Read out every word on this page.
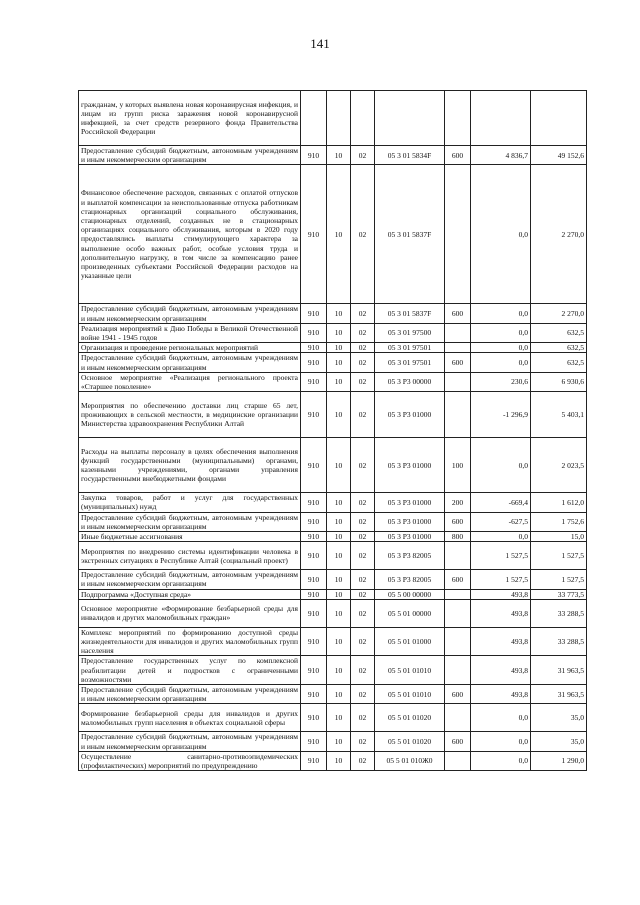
141
гражданам, у которых выявлена новая коронавирусная инфекция, и лицам из групп риска заражения новой коронавирусной инфекцией, за счет средств резервного фонда Правительства Российской Федерации							
Предоставление субсидий бюджетным, автономным учреждениям и иным некоммерческим организациям	910	10	02	05 3 01 5834F	600	4 836,7	49 152,6
Финансовое обеспечение расходов, связанных с оплатой отпусков и выплатой компенсации за неиспользованные отпуска работникам стационарных организаций социального обслуживания, стационарных отделений, созданных не в стационарных организациях социального обслуживания, которым в 2020 году предоставлялись выплаты стимулирующего характера за выполнение особо важных работ, особые условия труда и дополнительную нагрузку, в том числе за компенсацию ранее произведенных субъектами Российской Федерации расходов на указанные цели	910	10	02	05 3 01 5837F		0,0	2 270,0
Предоставление субсидий бюджетным, автономным учреждениям и иным некоммерческим организациям	910	10	02	05 3 01 5837F	600	0,0	2 270,0
Реализация мероприятий к Дню Победы в Великой Отечественной войне 1941 - 1945 годов	910	10	02	05 3 01 97500		0,0	632,5
Организация и проведение региональных мероприятий	910	10	02	05 3 01 97501		0,0	632,5
Предоставление субсидий бюджетным, автономным учреждениям и иным некоммерческим организациям	910	10	02	05 3 01 97501	600	0,0	632,5
Основное мероприятие «Реализация регионального проекта «Старшее поколение»	910	10	02	05 3 P3 00000		230,6	6 930,6
Мероприятия по обеспечению доставки лиц старше 65 лет, проживающих в сельской местности, в медицинские организации Министерства здравоохранения Республики Алтай	910	10	02	05 3 P3 01000		-1 296,9	5 403,1
Расходы на выплаты персоналу в целях обеспечения выполнения функций государственными (муниципальными) органами, казенными учреждениями, органами управления государственными внебюджетными фондами	910	10	02	05 3 P3 01000	100	0,0	2 023,5
Закупка товаров, работ и услуг для государственных (муниципальных) нужд	910	10	02	05 3 P3 01000	200	-669,4	1 612,0
Предоставление субсидий бюджетным, автономным учреждениям и иным некоммерческим организациям	910	10	02	05 3 P3 01000	600	-627,5	1 752,6
Иные бюджетные ассигнования	910	10	02	05 3 P3 01000	800	0,0	15,0
Мероприятия по внедрению системы идентификации человека в экстренных ситуациях в Республике Алтай (социальный проект)	910	10	02	05 3 P3 82005		1 527,5	1 527,5
Предоставление субсидий бюджетным, автономным учреждениям и иным некоммерческим организациям	910	10	02	05 3 P3 82005	600	1 527,5	1 527,5
Подпрограмма «Доступная среда»	910	10	02	05 5 00 00000		493,8	33 773,5
Основное мероприятие «Формирование безбарьерной среды для инвалидов и других маломобильных граждан»	910	10	02	05 5 01 00000		493,8	33 288,5
Комплекс мероприятий по формированию доступной среды жизнедеятельности для инвалидов и других маломобильных групп населения	910	10	02	05 5 01 01000		493,8	33 288,5
Предоставление государственных услуг по комплексной реабилитации детей и подростков с ограниченными возможностями	910	10	02	05 5 01 01010		493,8	31 963,5
Предоставление субсидий бюджетным, автономным учреждениям и иным некоммерческим организациям	910	10	02	05 5 01 01010	600	493,8	31 963,5
Формирование безбарьерной среды для инвалидов и других маломобильных групп населения в объектах социальной сферы	910	10	02	05 5 01 01020		0,0	35,0
Предоставление субсидий бюджетным, автономным учреждениям и иным некоммерческим организациям	910	10	02	05 5 01 01020	600	0,0	35,0
Осуществление санитарно-противоэпидемических (профилактических) мероприятий по предупреждению	910	10	02	05 5 01 010Ж0		0,0	1 290,0
